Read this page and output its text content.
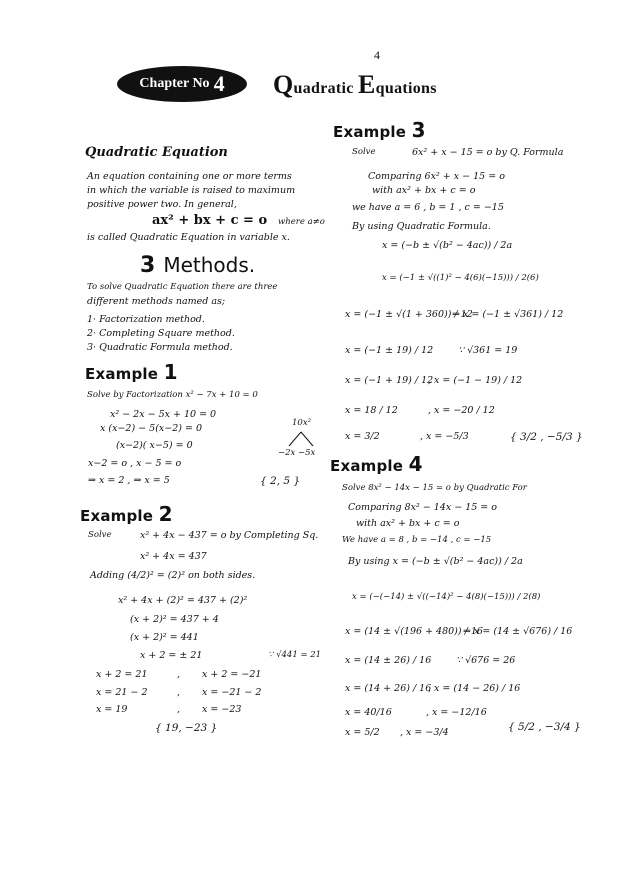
4
Chapter No 4 Quadratic Equations
Quadratic Equation
An equation containing one or more terms
in which the variable is raised to maximum
positive power two. In general,
ax² + bx + c = o where a≠o
is called Quadratic Equation in variable x.
3 Methods.
To solve Quadratic Equation there are three
different methods named as;
1· Factorization method.
2· Completing Square method.
3· Quadratic Formula method.
Example 1
Solve by Factorization x² − 7x + 10 = 0
x² − 2x − 5x + 10 = 0
x (x−2) − 5(x−2) = 0
(x−2)( x−5) = 0
x−2 = o , x − 5 = o
⇒ x = 2 , ⇒ x = 5
10x²
−2x −5x
{ 2, 5 }
Example 2
Solve	x² + 4x − 437 = o by Completing Sq.
x² + 4x = 437
Adding (4/2)² = (2)² on both sides.
x² + 4x + (2)² = 437 + (2)²
(x + 2)² = 437 + 4
(x + 2)² = 441
x + 2 = ± 21	∵ √441 = 21
x + 2 = 21	, x + 2 = −21
x = 21 − 2	, x = −21 − 2
x = 19	, x = −23
{ 19, −23 }
Example 3
Solve	6x² + x − 15 = o by Q. Formula
Comparing 6x² + x − 15 = o
with ax² + bx + c = o
we have a = 6 , b = 1 , c = −15
By using Quadratic Formula.
x = (−b ± √(b² − 4ac)) / 2a
x = (−1 ± √((1)² − 4(6)(−15))) / 2(6)
x = (−1 ± √(1 + 360)) / 12
⇒ x = (−1 ± √361) / 12
x = (−1 ± 19) / 12	∵ √361 = 19
x = (−1 + 19) / 12
, x = (−1 − 19) / 12
x = 18 / 12	, x = −20 / 12
x = 3/2	, x = −5/3	{ 3/2 , −5/3 }
Example 4
Solve 8x² − 14x − 15 = o by Quadratic For
Comparing 8x² − 14x − 15 = o
with ax² + bx + c = o
We have a = 8 , b = −14 , c = −15
By using x = (−b ± √(b² − 4ac)) / 2a
x = (−(−14) ± √((−14)² − 4(8)(−15))) / 2(8)
x = (14 ± √(196 + 480)) / 16
⇒ x = (14 ± √676) / 16
x = (14 ± 26) / 16	∵ √676 = 26
x = (14 + 26) / 16
, x = (14 − 26) / 16
x = 40/16	, x = −12/16
x = 5/2 , x = −3/4	{ 5/2 , −3/4 }
